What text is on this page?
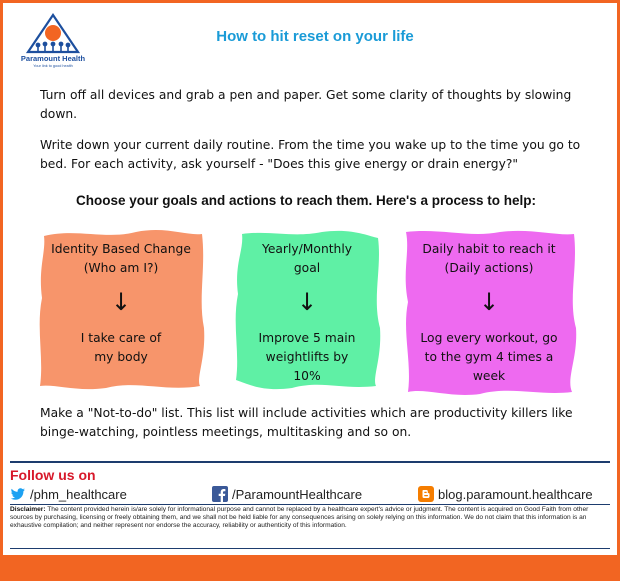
Paramount Health
Your link to good health
How to hit reset on your life
Turn off all devices and grab a pen and paper. Get some clarity of thoughts by slowing down.
Write down your current daily routine. From the time you wake up to the time you go to bed. For each activity, ask yourself - "Does this give energy or drain energy?"
Choose your goals and actions to reach them. Here's a process to help:
Identity Based Change
(Who am I?)
↓
I take care of
my body
Yearly/Monthly
goal
↓
Improve 5 main
weightlifts by
10%
Daily habit to reach it
(Daily actions)
↓
Log every workout, go
to the gym 4 times a
week
Make a "Not-to-do" list. This list will include activities which are productivity killers like binge-watching, pointless meetings, multitasking and so on.
Follow us on
/phm_healthcare	/ParamountHealthcare	blog.paramount.healthcare
Disclaimer: The content provided herein is/are solely for informational purpose and cannot be replaced by a healthcare expert's advice or judgment. The content is acquired on Good Faith from other sources by purchasing, licensing or freely obtaining them, and we shall not be held liable for any consequences arising on solely relying on this information. We do not claim that this information is an exhaustive compilation; and neither represent nor endorse the accuracy, reliability or authenticity of this information.
